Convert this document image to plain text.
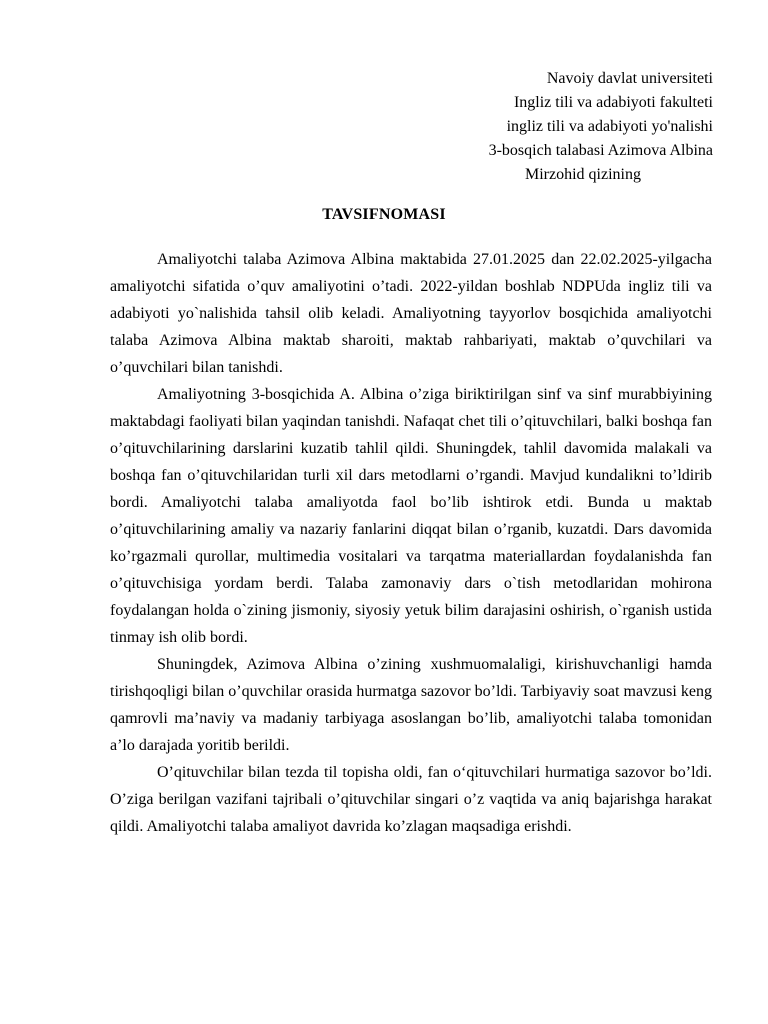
Navoiy davlat universiteti
Ingliz tili va adabiyoti fakulteti
ingliz tili va adabiyoti yo'nalishi
3-bosqich talabasi Azimova Albina
Mirzohid qizining
TAVSIFNOMASI

Amaliyotchi talaba Azimova Albina maktabida 27.01.2025 dan 22.02.2025-yilgacha amaliyotchi sifatida o’quv amaliyotini o’tadi. 2022-yildan boshlab NDPUda ingliz tili va adabiyoti yo`nalishida tahsil olib keladi. Amaliyotning tayyorlov bosqichida amaliyotchi talaba Azimova Albina maktab sharoiti, maktab rahbariyati, maktab o’quvchilari va o’quvchilari bilan tanishdi.

Amaliyotning 3-bosqichida A. Albina o’ziga biriktirilgan sinf va sinf murabbiyining maktabdagi faoliyati bilan yaqindan tanishdi. Nafaqat chet tili o’qituvchilari, balki boshqa fan o’qituvchilarining darslarini kuzatib tahlil qildi. Shuningdek, tahlil davomida malakali va boshqa fan o’qituvchilaridan turli xil dars metodlarni o’rgandi. Mavjud kundalikni to’ldirib bordi. Amaliyotchi talaba amaliyotda faol bo’lib ishtirok etdi. Bunda u maktab o’qituvchilarining amaliy va nazariy fanlarini diqqat bilan o’rganib, kuzatdi. Dars davomida ko’rgazmali qurollar, multimedia vositalari va tarqatma materiallardan foydalanishda fan o’qituvchisiga yordam berdi. Talaba zamonaviy dars o`tish metodlaridan mohirona foydalangan holda o`zining jismoniy, siyosiy yetuk bilim darajasini oshirish, o`rganish ustida tinmay ish olib bordi.

Shuningdek, Azimova Albina o’zining xushmuomalaligi, kirishuvchanligi hamda tirishqoqligi bilan o’quvchilar orasida hurmatga sazovor bo’ldi. Tarbiyaviy soat mavzusi keng qamrovli ma’naviy va madaniy tarbiyaga asoslangan bo’lib, amaliyotchi talaba tomonidan a’lo darajada yoritib berildi.

O’qituvchilar bilan tezda til topisha oldi, fan o‘qituvchilari hurmatiga sazovor bo’ldi. O’ziga berilgan vazifani tajribali o’qituvchilar singari o’z vaqtida va aniq bajarishga harakat qildi. Amaliyotchi talaba amaliyot davrida ko’zlagan maqsadiga erishdi.
